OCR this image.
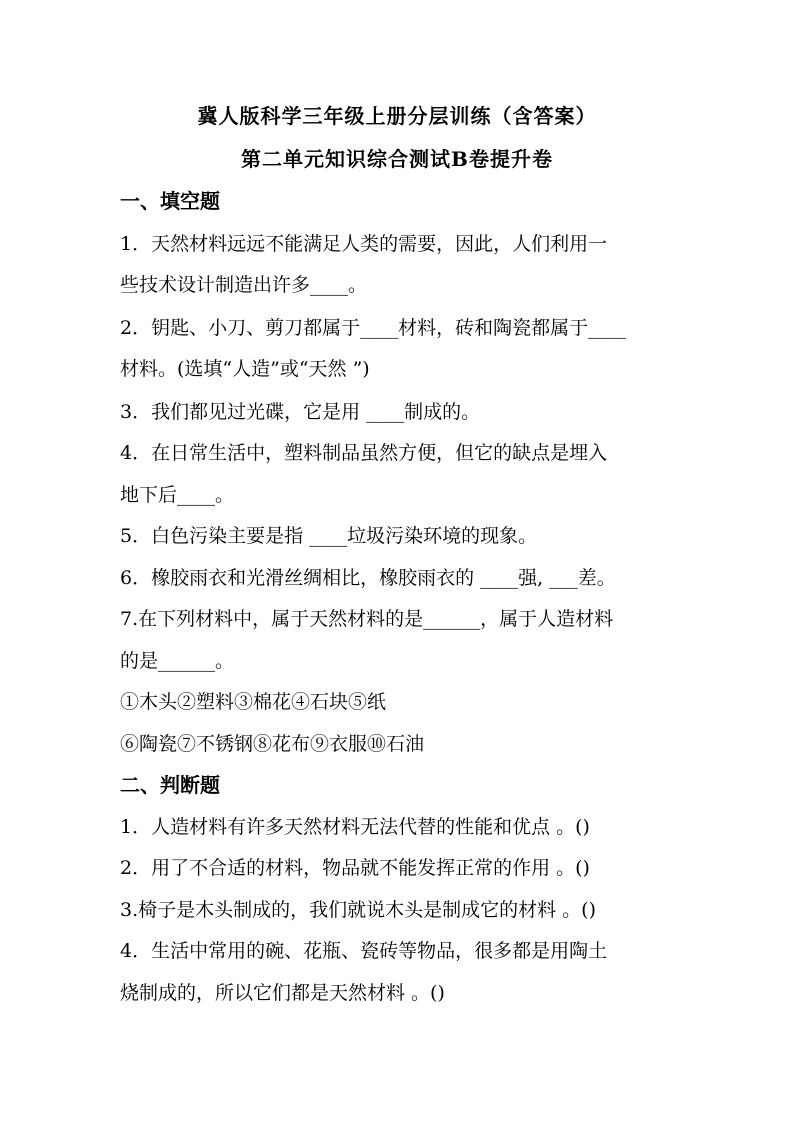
冀人版科学三年级上册分层训练（含答案）
第二单元知识综合测试B卷提升卷
一、填空题
1．天然材料远远不能满足人类的需要，因此，人们利用一
些技术设计制造出许多____。
2．钥匙、小刀、剪刀都属于____材料，砖和陶瓷都属于____
材料。(选填“人造”或“天然 ”)
3．我们都见过光碟，它是用 ____制成的。
4．在日常生活中，塑料制品虽然方便，但它的缺点是埋入
地下后____。
5．白色污染主要是指 ____垃圾污染环境的现象。
6．橡胶雨衣和光滑丝绸相比，橡胶雨衣的 ____强, ___差。
7.在下列材料中，属于天然材料的是______，属于人造材料
的是______。
①木头②塑料③棉花④石块⑤纸
⑥陶瓷⑦不锈钢⑧花布⑨衣服⑩石油
二、判断题
1．人造材料有许多天然材料无法代替的性能和优点 。()
2．用了不合适的材料，物品就不能发挥正常的作用 。()
3.椅子是木头制成的，我们就说木头是制成它的材料 。()
4．生活中常用的碗、花瓶、瓷砖等物品，很多都是用陶土
烧制成的，所以它们都是天然材料 。()
